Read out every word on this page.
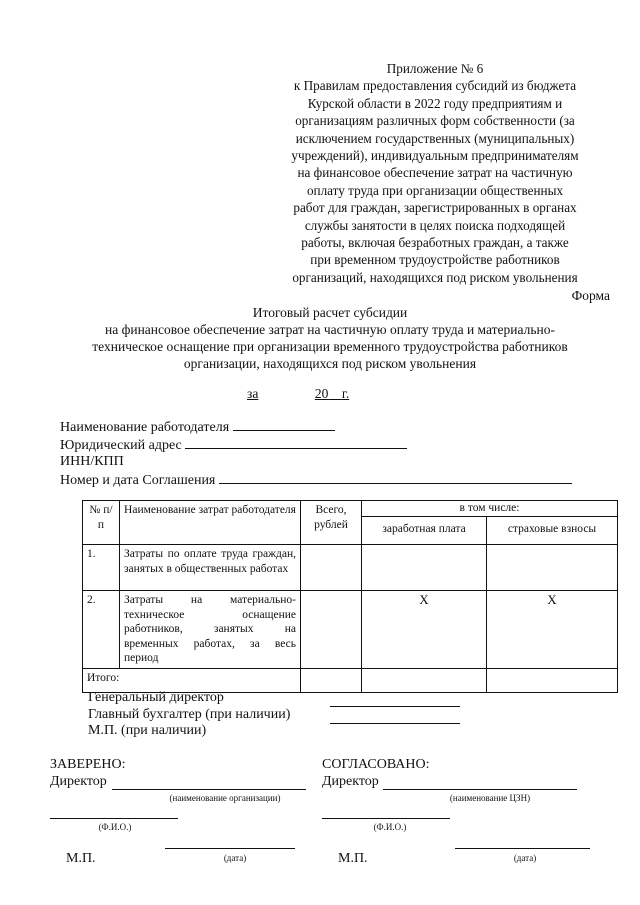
Приложение № 6
к Правилам предоставления субсидий из бюджета
Курской области в 2022 году предприятиям и
организациям различных форм собственности (за
исключением государственных (муниципальных)
учреждений), индивидуальным предпринимателям
на финансовое обеспечение затрат на частичную
оплату труда при организации общественных
работ для граждан, зарегистрированных в органах
службы занятости в целях поиска подходящей
работы, включая безработных граждан, а также
при временном трудоустройстве работников
организаций, находящихся под риском увольнения
Форма
Итоговый расчет субсидии
на финансовое обеспечение затрат на частичную оплату труда и материально-
техническое оснащение при организации временного трудоустройства работников
организации, находящихся под риском увольнения
за	20 г.
Наименование работодателя
Юридический адрес
ИНН/КПП
Номер и дата Соглашения
№ п/п	Наименование затрат работодателя	Всего, рублей	в том числе:	
			заработная плата	страховые взносы
1.	Затраты по оплате труда граждан, занятых в общественных работах			
2.	Затраты на материально-техническое оснащение работников, занятых на временных работах, за весь период		X	X
Итого:				
Генеральный директор
Главный бухгалтер (при наличии)
М.П. (при наличии)
ЗАВЕРЕНО:
Директор
(наименование организации)
(Ф.И.О.)
М.П.	(дата)
СОГЛАСОВАНО:
Директор
(наименование ЦЗН)
(Ф.И.О.)
М.П.	(дата)
